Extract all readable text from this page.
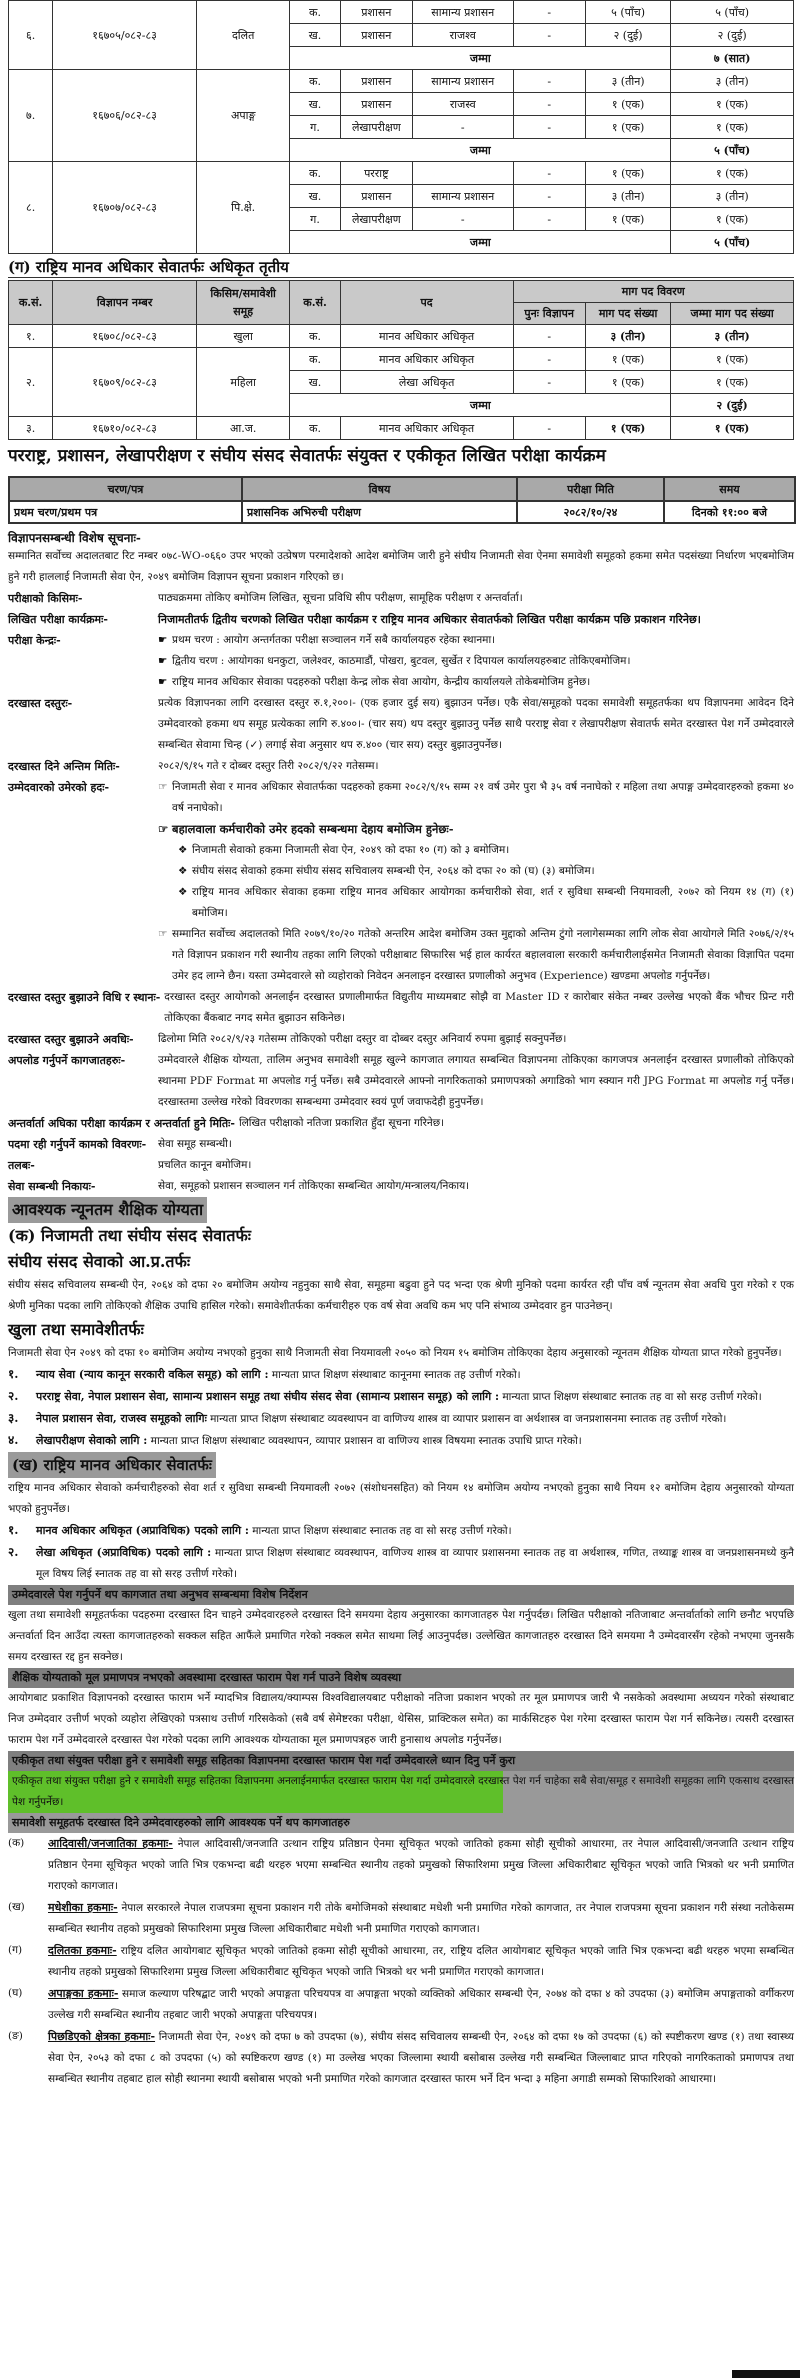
६.	१६७०५/०८२-८३	दलित	क.	प्रशासन	सामान्य प्रशासन	-	५ (पाँच)	५ (पाँच)
			ख.	प्रशासन	राजश्व	-	२ (दुई)	२ (दुई)
			जम्मा					७ (सात)
७.	१६७०६/०८२-८३	अपाङ्ग	क.	प्रशासन	सामान्य प्रशासन	-	३ (तीन)	३ (तीन)
			ख.	प्रशासन	राजस्व	-	१ (एक)	१ (एक)
			ग.	लेखापरीक्षण	-	-	१ (एक)	१ (एक)
			जम्मा					५ (पाँच)
८.	१६७०७/०८२-८३	पि.क्षे.	क.	परराष्ट्र		-	१ (एक)	१ (एक)
			ख.	प्रशासन	सामान्य प्रशासन	-	३ (तीन)	३ (तीन)
			ग.	लेखापरीक्षण	-	-	१ (एक)	१ (एक)
			जम्मा					५ (पाँच)
(ग) राष्ट्रिय मानव अधिकार सेवातर्फः अधिकृत तृतीय
क.सं.	विज्ञापन नम्बर	किसिम/समावेशी समूह	क.सं.	पद	माग पद विवरण		
					पुनः विज्ञापन	माग पद संख्या	जम्मा माग पद संख्या
१.	१६७०८/०८२-८३	खुला	क.	मानव अधिकार अधिकृत	-	३ (तीन)	३ (तीन)
२.	१६७०९/०८२-८३	महिला	क.	मानव अधिकार अधिकृत	-	१ (एक)	१ (एक)
			ख.	लेखा अधिकृत	-	१ (एक)	१ (एक)
			जम्मा				२ (दुई)
३.	१६७१०/०८२-८३	आ.ज.	क.	मानव अधिकार अधिकृत	-	१ (एक)	१ (एक)
परराष्ट्र, प्रशासन, लेखापरीक्षण र संघीय संसद सेवातर्फः संयुक्त र एकीकृत लिखित परीक्षा कार्यक्रम
चरण/पत्र	विषय	परीक्षा मिति	समय
प्रथम चरण/प्रथम पत्र	प्रशासनिक अभिरुची परीक्षण	२०८२/१०/२४	दिनको ११:०० बजे
विज्ञापनसम्बन्धी विशेष सूचनाः-

सम्मानित सर्वोच्च अदालतबाट रिट नम्बर ०७८-WO-०६६० उपर भएको उत्प्रेषण परमादेशको आदेश बमोजिम जारी हुने संघीय निजामती सेवा ऐनमा समावेशी समूहको हकमा समेत पदसंख्या निर्धारण भएबमोजिम हुने गरी हाललाई निजामती सेवा ऐन, २०४९ बमोजिम विज्ञापन सूचना प्रकाशन गरिएको छ।

परीक्षाको किसिमः-	पाठ्यक्रममा तोकिए बमोजिम लिखित, सूचना प्रविधि सीप परीक्षण, सामूहिक परीक्षण र अन्तर्वार्ता।
लिखित परीक्षा कार्यक्रमः-	निजामतीतर्फ द्वितीय चरणको लिखित परीक्षा कार्यक्रम र राष्ट्रिय मानव अधिकार सेवातर्फको लिखित परीक्षा कार्यक्रम पछि प्रकाशन गरिनेछ।
परीक्षा केन्द्रः-	☛ प्रथम चरण : आयोग अन्तर्गतका परीक्षा सञ्चालन गर्ने सबै कार्यालयहरु रहेका स्थानमा।
☛ द्वितीय चरण : आयोगका धनकुटा, जलेश्वर, काठमाडौं, पोखरा, बुटवल, सुर्खेत र दिपायल कार्यालयहरुबाट तोकिएबमोजिम।
☛ राष्ट्रिय मानव अधिकार सेवाका पदहरुको परीक्षा केन्द्र लोक सेवा आयोग, केन्द्रीय कार्यालयले तोकेबमोजिम हुनेछ।
दरखास्त दस्तुरः-	प्रत्येक विज्ञापनका लागि दरखास्त दस्तुर रु.१,२००।- (एक हजार दुई सय) बुझाउन पर्नेछ। एकै सेवा/समूहको पदका समावेशी समूहतर्फका थप विज्ञापनमा आवेदन दिने उम्मेदवारको हकमा थप समूह प्रत्येकका लागि रु.४००।- (चार सय) थप दस्तुर बुझाउनु पर्नेछ साथै परराष्ट्र सेवा र लेखापरीक्षण सेवातर्फ समेत दरखास्त पेश गर्ने उम्मेदवारले सम्बन्धित सेवामा चिन्ह (✓) लगाई सेवा अनुसार थप रु.४०० (चार सय) दस्तुर बुझाउनुपर्नेछ।
दरखास्त दिने अन्तिम मितिः-	२०८२/९/१५ गते र दोब्बर दस्तुर तिरी २०८२/९/२२ गतेसम्म।
उम्मेदवारको उमेरको हदः-	☞ निजामती सेवा र मानव अधिकार सेवातर्फका पदहरुको हकमा २०८२/९/१५ सम्म २१ वर्ष उमेर पुरा भै ३५ वर्ष ननाघेको र महिला तथा अपाङ्ग उम्मेदवारहरुको हकमा ४० वर्ष ननाघेको।
☞ बहालवाला कर्मचारीको उमेर हदको सम्बन्धमा देहाय बमोजिम हुनेछः-
❖ निजामती सेवाको हकमा निजामती सेवा ऐन, २०४९ को दफा १० (ग) को ३ बमोजिम।
❖ संघीय संसद सेवाको हकमा संघीय संसद सचिवालय सम्बन्धी ऐन, २०६४ को दफा २० को (घ) (३) बमोजिम।
❖ राष्ट्रिय मानव अधिकार सेवाका हकमा राष्ट्रिय मानव अधिकार आयोगका कर्मचारीको सेवा, शर्त र सुविधा सम्बन्धी नियमावली, २०७२ को नियम १४ (ग) (१) बमोजिम।
☞ सम्मानित सर्वोच्च अदालतको मिति २०७९/१०/२० गतेको अन्तरिम आदेश बमोजिम उक्त मुद्दाको अन्तिम टुंगो नलागेसम्मका लागि लोक सेवा आयोगले मिति २०७६/२/१५ गते विज्ञापन प्रकाशन गरी स्थानीय तहका लागि लिएको परीक्षाबाट सिफारिस भई हाल कार्यरत बहालवाला सरकारी कर्मचारीलाईसमेत निजामती सेवाका विज्ञापित पदमा उमेर हद लाग्ने छैन। यस्ता उम्मेदवारले सो व्यहोराको निवेदन अनलाइन दरखास्त प्रणालीको अनुभव (Experience) खण्डमा अपलोड गर्नुपर्नेछ।
दरखास्त दस्तुर बुझाउने विधि र स्थानः- दरखास्त दस्तुर आयोगको अनलाईन दरखास्त प्रणालीमार्फत विद्युतीय माध्यमबाट सोझै वा Master ID र कारोबार संकेत नम्बर उल्लेख भएको बैंक भौचर प्रिन्ट गरी तोकिएका बैंकबाट नगद समेत बुझाउन सकिनेछ।
दरखास्त दस्तुर बुझाउने अवधिः-	ढिलोमा मिति २०८२/९/२३ गतेसम्म तोकिएको परीक्षा दस्तुर वा दोब्बर दस्तुर अनिवार्य रुपमा बुझाई सक्नुपर्नेछ।
अपलोड गर्नुपर्ने कागजातहरुः-	उम्मेदवारले शैक्षिक योग्यता, तालिम अनुभव समावेशी समूह खुल्ने कागजात लगायत सम्बन्धित विज्ञापनमा तोकिएका कागजपत्र अनलाईन दरखास्त प्रणालीको तोकिएको स्थानमा PDF Format मा अपलोड गर्नु पर्नेछ। सबै उम्मेदवारले आफ्नो नागरिकताको प्रमाणपत्रको अगाडिको भाग स्क्यान गरी JPG Format मा अपलोड गर्नु पर्नेछ। दरखास्तमा उल्लेख गरेको विवरणका सम्बन्धमा उम्मेदवार स्वयं पूर्ण जवाफदेही हुनुपर्नेछ।
अन्तर्वार्ता अघिका परीक्षा कार्यक्रम र अन्तर्वार्ता हुने मितिः- लिखित परीक्षाको नतिजा प्रकाशित हुँदा सूचना गरिनेछ।
पदमा रही गर्नुपर्ने कामको विवरणः-	सेवा समूह सम्बन्धी।
तलबः-	प्रचलित कानून बमोजिम।
सेवा सम्बन्धी निकायः-	सेवा, समूहको प्रशासन सञ्चालन गर्न तोकिएका सम्बन्धित आयोग/मन्त्रालय/निकाय।
आवश्यक न्यूनतम शैक्षिक योग्यता
(क) निजामती तथा संघीय संसद सेवातर्फः
संघीय संसद सेवाको आ.प्र.तर्फः

संघीय संसद सचिवालय सम्बन्धी ऐन, २०६४ को दफा २० बमोजिम अयोग्य नहुनुका साथै सेवा, समूहमा बढुवा हुने पद भन्दा एक श्रेणी मुनिको पदमा कार्यरत रही पाँच वर्ष न्यूनतम सेवा अवधि पुरा गरेको र एक श्रेणी मुनिका पदका लागि तोकिएको शैक्षिक उपाधि हासिल गरेको। समावेशीतर्फका कर्मचारीहरु एक वर्ष सेवा अवधि कम भए पनि संभाव्य उम्मेदवार हुन पाउनेछन्।

खुला तथा समावेशीतर्फः

निजामती सेवा ऐन २०४९ को दफा १० बमोजिम अयोग्य नभएको हुनुका साथै निजामती सेवा नियमावली २०५० को नियम १५ बमोजिम तोकिएका देहाय अनुसारको न्यूनतम शैक्षिक योग्यता प्राप्त गरेको हुनुपर्नेछ।

१.	न्याय सेवा (न्याय कानून सरकारी वकिल समूह) को लागि : मान्यता प्राप्त शिक्षण संस्थाबाट कानूनमा स्नातक तह उत्तीर्ण गरेको।
२.	परराष्ट्र सेवा, नेपाल प्रशासन सेवा, सामान्य प्रशासन समूह तथा संघीय संसद सेवा (सामान्य प्रशासन समूह) को लागि : मान्यता प्राप्त शिक्षण संस्थाबाट स्नातक तह वा सो सरह उत्तीर्ण गरेको।
३.	नेपाल प्रशासन सेवा, राजस्व समूहको लागिः मान्यता प्राप्त शिक्षण संस्थाबाट व्यवस्थापन वा वाणिज्य शास्त्र वा व्यापार प्रशासन वा अर्थशास्त्र वा जनप्रशासनमा स्नातक तह उत्तीर्ण गरेको।
४.	लेखापरीक्षण सेवाको लागि : मान्यता प्राप्त शिक्षण संस्थाबाट व्यवस्थापन, व्यापार प्रशासन वा वाणिज्य शास्त्र विषयमा स्नातक उपाधि प्राप्त गरेको।
(ख) राष्ट्रिय मानव अधिकार सेवातर्फः

राष्ट्रिय मानव अधिकार सेवाको कर्मचारीहरुको सेवा शर्त र सुविधा सम्बन्धी नियमावली २०७२ (संशोधनसहित) को नियम १४ बमोजिम अयोग्य नभएको हुनुका साथै नियम १२ बमोजिम देहाय अनुसारको योग्यता भएको हुनुपर्नेछ।

१.	मानव अधिकार अधिकृत (अप्राविधिक) पदको लागि : मान्यता प्राप्त शिक्षण संस्थाबाट स्नातक तह वा सो सरह उत्तीर्ण गरेको।
२.	लेखा अधिकृत (अप्राविधिक) पदको लागि : मान्यता प्राप्त शिक्षण संस्थाबाट व्यवस्थापन, वाणिज्य शास्त्र वा व्यापार प्रशासनमा स्नातक तह वा अर्थशास्त्र, गणित, तथ्याङ्क शास्त्र वा जनप्रशासनमध्ये कुनै मूल विषय लिई स्नातक तह वा सो सरह उत्तीर्ण गरेको।
उम्मेदवारले पेश गर्नुपर्ने थप कागजात तथा अनुभव सम्बन्धमा विशेष निर्देशन

खुला तथा समावेशी समूहतर्फका पदहरुमा दरखास्त दिन चाहने उम्मेदवारहरुले दरखास्त दिने समयमा देहाय अनुसारका कागजातहरु पेश गर्नुपर्दछ। लिखित परीक्षाको नतिजाबाट अन्तर्वार्ताको लागि छनौट भएपछि अन्तर्वार्ता दिन आउँदा त्यस्ता कागजातहरुको सक्कल सहित आफैंले प्रमाणित गरेको नक्कल समेत साथमा लिई आउनुपर्दछ। उल्लेखित कागजातहरु दरखास्त दिने समयमा नै उम्मेदवारसँग रहेको नभएमा जुनसकै समय दरखास्त रद्द हुन सक्नेछ।

शैक्षिक योग्यताको मूल प्रमाणपत्र नभएको अवस्थामा दरखास्त फाराम पेश गर्न पाउने विशेष व्यवस्था

आयोगबाट प्रकाशित विज्ञापनको दरखास्त फाराम भर्ने म्यादभित्र विद्यालय/क्याम्पस विश्वविद्यालयबाट परीक्षाको नतिजा प्रकाशन भएको तर मूल प्रमाणपत्र जारी भै नसकेको अवस्थामा अध्ययन गरेको संस्थाबाट निज उम्मेदवार उत्तीर्ण भएको व्यहोरा लेखिएको पत्रसाथ उत्तीर्ण गरिसकेको (सबै वर्ष सेमेष्टरका परीक्षा, थेसिस, प्राक्टिकल समेत) का मार्कसिटहरु पेश गरेमा दरखास्त फाराम पेश गर्न सकिनेछ। त्यसरी दरखास्त फाराम पेश गर्ने उम्मेदवारले दरखास्त पेश गरेको पदका लागि आवश्यक योग्यताका मूल प्रमाणपत्रहरु जारी हुनासाथ अपलोड गर्नुपर्नेछ।

एकीकृत तथा संयुक्त परीक्षा हुने र समावेशी समूह सहितका विज्ञापनमा दरखास्त फाराम पेश गर्दा उम्मेदवारले ध्यान दिनु पर्ने कुरा

एकीकृत तथा संयुक्त परीक्षा हुने र समावेशी समूह सहितका विज्ञापनमा अनलाईनमार्फत दरखास्त फाराम पेश गर्दा उम्मेदवारले दरखास्त पेश गर्न चाहेका सबै सेवा/समूह र समावेशी समूहका लागि एकसाथ दरखास्त पेश गर्नुपर्नेछ।

समावेशी समूहतर्फ दरखास्त दिने उम्मेदवारहरुको लागि आवश्यक पर्ने थप कागजातहरु
(क)	आदिवासी/जनजातिका हकमाः- नेपाल आदिवासी/जनजाति उत्थान राष्ट्रिय प्रतिष्ठान ऐनमा सूचिकृत भएको जातिको हकमा सोही सूचीको आधारमा, तर नेपाल आदिवासी/जनजाति उत्थान राष्ट्रिय प्रतिष्ठान ऐनमा सूचिकृत भएको जाति भित्र एकभन्दा बढी थरहरु भएमा सम्बन्धित स्थानीय तहको प्रमुखको सिफारिशमा प्रमुख जिल्ला अधिकारीबाट सूचिकृत भएको जाति भित्रको थर भनी प्रमाणित गराएको कागजात।
(ख)	मधेशीका हकमाः- नेपाल सरकारले नेपाल राजपत्रमा सूचना प्रकाशन गरी तोके बमोजिमको संस्थाबाट मधेशी भनी प्रमाणित गरेको कागजात, तर नेपाल राजपत्रमा सूचना प्रकाशन गरी संस्था नतोकेसम्म सम्बन्धित स्थानीय तहको प्रमुखको सिफारिशमा प्रमुख जिल्ला अधिकारीबाट मधेशी भनी प्रमाणित गराएको कागजात।
(ग)	दलितका हकमाः- राष्ट्रिय दलित आयोगबाट सूचिकृत भएको जातिको हकमा सोही सूचीको आधारमा, तर, राष्ट्रिय दलित आयोगबाट सूचिकृत भएको जाति भित्र एकभन्दा बढी थरहरु भएमा सम्बन्धित स्थानीय तहको प्रमुखको सिफारिशमा प्रमुख जिल्ला अधिकारीबाट सूचिकृत भएको जाति भित्रको थर भनी प्रमाणित गराएको कागजात।
(घ)	अपाङ्गका हकमाः- समाज कल्याण परिषद्बाट जारी भएको अपाङ्गता परिचयपत्र वा अपाङ्गता भएको व्यक्तिको अधिकार सम्बन्धी ऐन, २०७४ को दफा ४ को उपदफा (३) बमोजिम अपाङ्गताको वर्गीकरण उल्लेख गरी सम्बन्धित स्थानीय तहबाट जारी भएको अपाङ्गता परिचयपत्र।
(ङ)	पिछडिएको क्षेत्रका हकमाः- निजामती सेवा ऐन, २०४९ को दफा ७ को उपदफा (७), संघीय संसद सचिवालय सम्बन्धी ऐन, २०६४ को दफा १७ को उपदफा (६) को स्पष्टीकरण खण्ड (१) तथा स्वास्थ्य सेवा ऐन, २०५३ को दफा ८ को उपदफा (५) को स्पष्टिकरण खण्ड (१) मा उल्लेख भएका जिल्लामा स्थायी बसोबास उल्लेख गरी सम्बन्धित जिल्लाबाट प्राप्त गरिएको नागरिकताको प्रमाणपत्र तथा सम्बन्धित स्थानीय तहबाट हाल सोही स्थानमा स्थायी बसोबास भएको भनी प्रमाणित गरेको कागजात दरखास्त फारम भर्ने दिन भन्दा ३ महिना अगाडी सम्मको सिफारिशको आधारमा।
